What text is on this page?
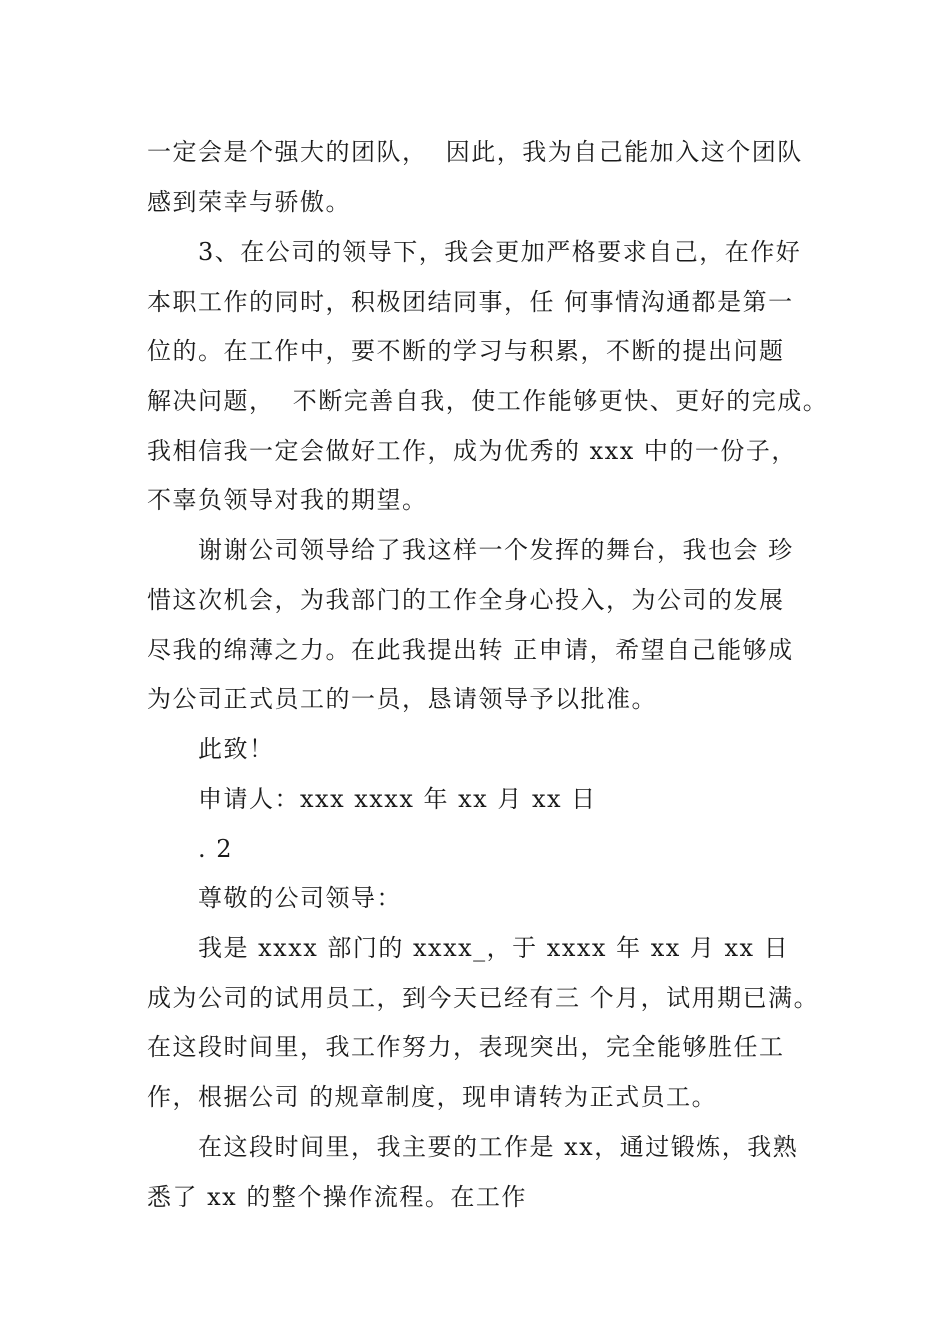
一定会是个强大的团队，  因此，我为自己能加入这个团队
感到荣幸与骄傲。
3、在公司的领导下，我会更加严格要求自己，在作好
本职工作的同时，积极团结同事，任 何事情沟通都是第一
位的。在工作中，要不断的学习与积累，不断的提出问题
解决问题，  不断完善自我，使工作能够更快、更好的完成。
我相信我一定会做好工作，成为优秀的 xxx 中的一份子，
不辜负领导对我的期望。
谢谢公司领导给了我这样一个发挥的舞台，我也会 珍
惜这次机会，为我部门的工作全身心投入，为公司的发展
尽我的绵薄之力。在此我提出转 正申请，希望自己能够成
为公司正式员工的一员，恳请领导予以批准。
此致！
申请人：xxx xxxx 年 xx 月 xx 日
. 2
尊敬的公司领导：
我是 xxxx 部门的 xxxx_，于 xxxx 年 xx 月 xx 日
成为公司的试用员工，到今天已经有三 个月，试用期已满。
在这段时间里，我工作努力，表现突出，完全能够胜任工
作，根据公司 的规章制度，现申请转为正式员工。
在这段时间里，我主要的工作是 xx，通过锻炼，我熟
悉了 xx 的整个操作流程。在工作
